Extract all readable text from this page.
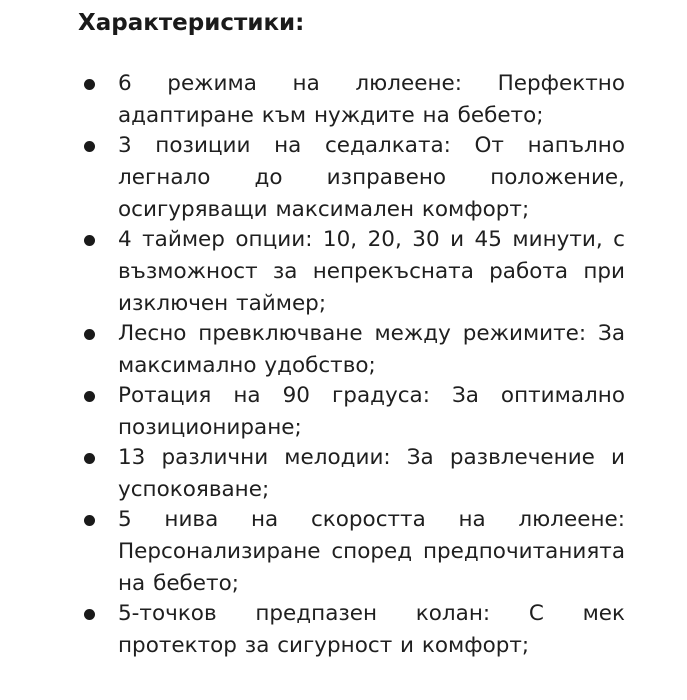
Характеристики:
6 режима на люлеене: Перфектно адаптиране към нуждите на бебето;
3 позиции на седалката: От напълно легнало до изправено положение, осигуряващи максимален комфорт;
4 таймер опции: 10, 20, 30 и 45 минути, с възможност за непрекъсната работа при изключен таймер;
Лесно превключване между режимите: За максимално удобство;
Ротация на 90 градуса: За оптимално позициониране;
13 различни мелодии: За развлечение и успокояване;
5 нива на скоростта на люлеене: Персонализиране според предпочитанията на бебето;
5-точков предпазен колан: С мек протектор за сигурност и комфорт;
